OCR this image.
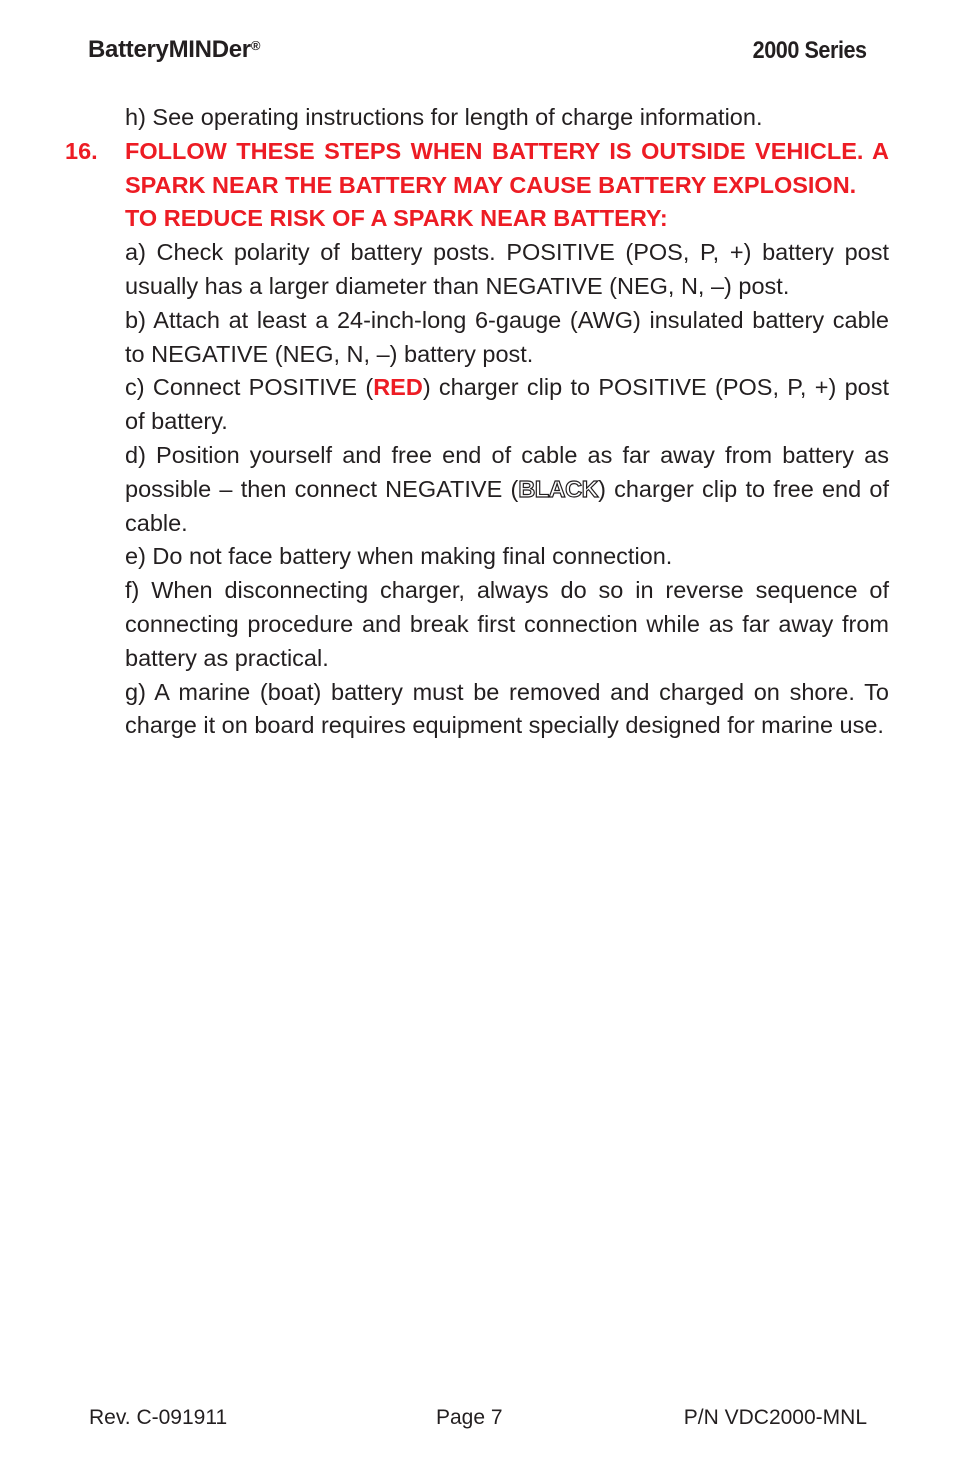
BatteryMINDer®	2000 Series

h) See operating instructions for length of charge information.

16. FOLLOW THESE STEPS WHEN BATTERY IS OUTSIDE VEHICLE. A SPARK NEAR THE BATTERY MAY CAUSE BATTERY EXPLOSION.

TO REDUCE RISK OF A SPARK NEAR BATTERY:

a) Check polarity of battery posts. POSITIVE (POS, P, +) battery post usually has a larger diameter than NEGATIVE (NEG, N, –) post.

b) Attach at least a 24-inch-long 6-gauge (AWG) insulated battery cable to NEGATIVE (NEG, N, –) battery post.

c) Connect POSITIVE (RED) charger clip to POSITIVE (POS, P, +) post of battery.

d) Position yourself and free end of cable as far away from battery as possible – then connect NEGATIVE (BLACK) charger clip to free end of cable.

e) Do not face battery when making final connection.

f) When disconnecting charger, always do so in reverse sequence of connecting procedure and break first connection while as far away from battery as practical.

g) A marine (boat) battery must be removed and charged on shore. To charge it on board requires equipment specially designed for marine use.

Rev. C-091911	Page 7	P/N VDC2000-MNL
